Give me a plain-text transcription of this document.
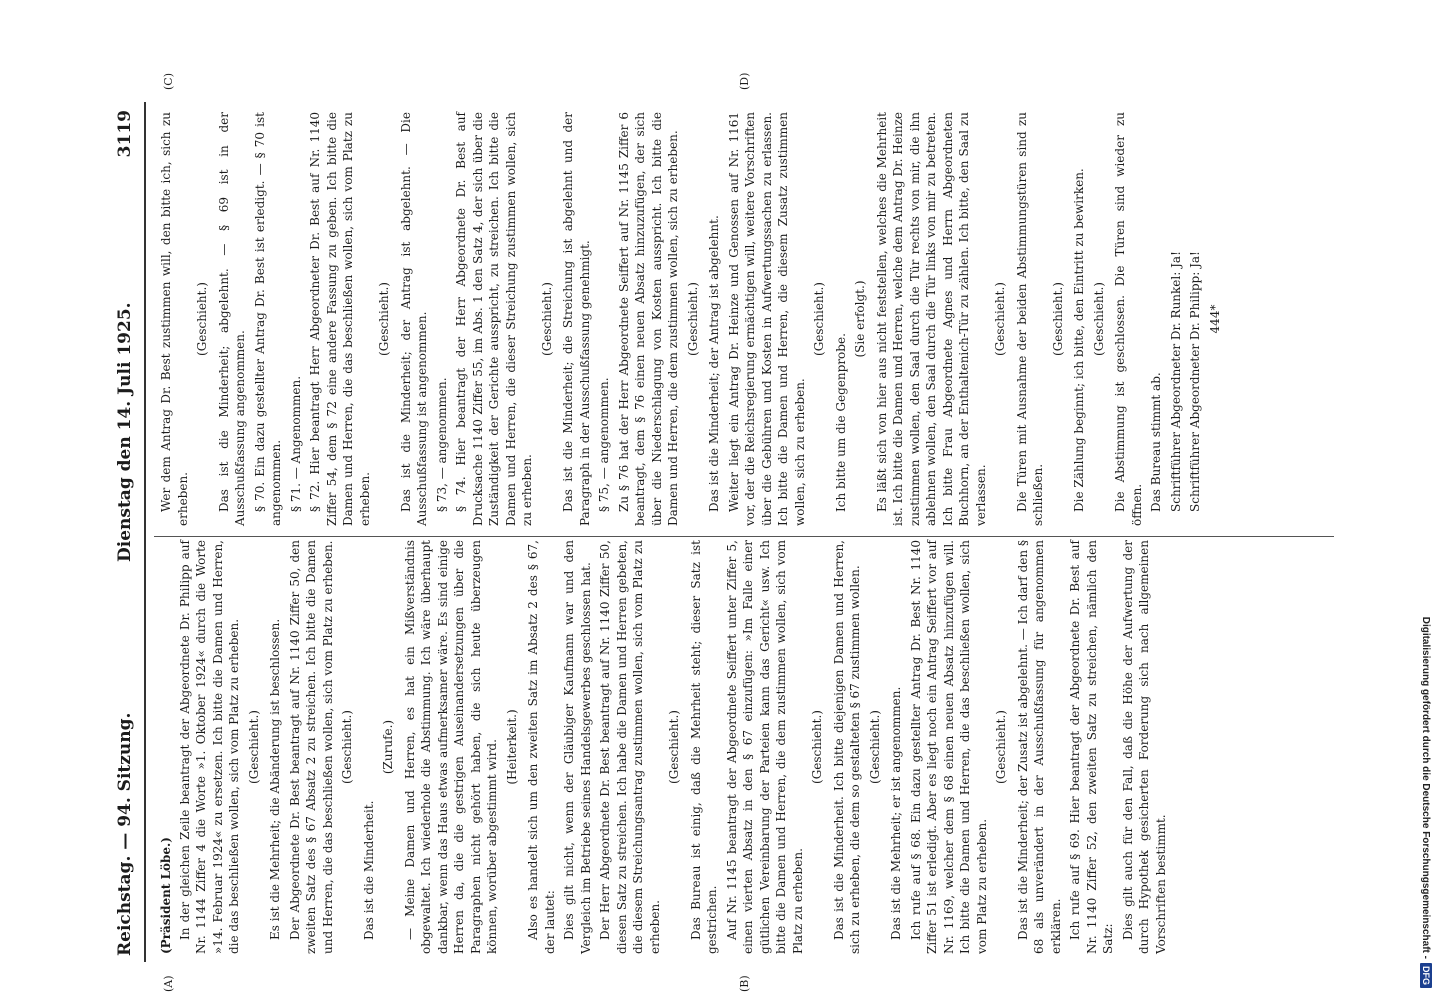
Reichstag. — 94. Sitzung.
Dienstag den 14. Juli 1925.
3119
(A)	(B)
(C)	(D)

(Präsident Löbe.) In der gleichen Zeile beantragt der Abgeordnete Dr. Philipp auf Nr. 1144 Ziffer 4 die Worte »1. Oktober 1924« durch die Worte »14. Februar 1924« zu ersetzen. Ich bitte die Damen und Herren, die das beschließen wollen, sich vom Platz zu erheben. (Geschieht.) Es ist die Mehrheit; die Abänderung ist beschlossen. Der Abgeordnete Dr. Best beantragt auf Nr. 1140 Ziffer 50, den zweiten Satz des § 67 Absatz 2 zu streichen. Ich bitte die Damen und Herren, die das beschließen wollen, sich vom Platz zu erheben. (Geschieht.)

Das ist die Minderheit.

(Zurufe.) — Meine Damen und Herren, es hat ein Mißverständnis obgewaltet. Ich wiederhole die Abstimmung. Ich wäre überhaupt dankbar, wenn das Haus etwas aufmerksamer wäre. Es sind einige Herren da, die die gestrigen Auseinandersetzungen über die Paragraphen nicht gehört haben, die sich heute überzeugen können, worüber abgestimmt wird. (Heiterkeit.) Also es handelt sich um den zweiten Satz im Absatz 2 des § 67, der lautet: Dies gilt nicht, wenn der Gläubiger Kaufmann war und den Vergleich im Betriebe seines Handelsgewerbes geschlossen hat. Der Herr Abgeordnete Dr. Best beantragt auf Nr. 1140 Ziffer 50, diesen Satz zu streichen. Ich habe die Damen und Herren gebeten, die diesem Streichungsantrag zustimmen wollen, sich vom Platz zu erheben.

(Geschieht.) Das Bureau ist einig, daß die Mehrheit steht; dieser Satz ist gestrichen. Auf Nr. 1145 beantragt der Abgeordnete Seiffert unter Ziffer 5, einen vierten Absatz in den § 67 einzufügen: »Im Falle einer gütlichen Vereinbarung der Parteien kann das Gericht« usw. Ich bitte die Damen und Herren, die dem zustimmen wollen, sich vom Platz zu erheben.

(Geschieht.) Das ist die Minderheit. Ich bitte diejenigen Damen und Herren, sich zu erheben, die dem so gestalteten § 67 zustimmen wollen. (Geschieht.) Das ist die Mehrheit; er ist angenommen. Ich rufe auf § 68. Ein dazu gestellter Antrag Dr. Best Nr. 1140 Ziffer 51 ist erledigt. Aber es liegt noch ein Antrag Seiffert vor auf Nr. 1169, welcher dem § 68 einen neuen Absatz hinzufügen will. Ich bitte die Damen und Herren, die das beschließen wollen, sich vom Platz zu erheben.

(Geschieht.) Das ist die Minderheit; der Zusatz ist abgelehnt. — Ich darf den § 68 als unverändert in der Ausschußfassung für angenommen erklären. Ich rufe auf § 69. Hier beantragt der Abgeordnete Dr. Best auf Nr. 1140 Ziffer 52, den zweiten Satz zu streichen, nämlich den Satz: Dies gilt auch für den Fall, daß die Höhe der Aufwertung der durch Hypothek gesicherten Forderung sich nach allgemeinen Vorschriften bestimmt.

Wer dem Antrag Dr. Best zustimmen will, den bitte ich, sich zu erheben.

(Geschieht.) Das ist die Minderheit; abgelehnt. — § 69 ist in der Ausschußfassung angenommen. § 70. Ein dazu gestellter Antrag Dr. Best ist erledigt. — § 70 ist angenommen. § 71. — Angenommen. § 72. Hier beantragt Herr Abgeordneter Dr. Best auf Nr. 1140 Ziffer 54, dem § 72 eine andere Fassung zu geben. Ich bitte die Damen und Herren, die das beschließen wollen, sich vom Platz zu erheben.

(Geschieht.) Das ist die Minderheit; der Antrag ist abgelehnt. — Die Ausschußfassung ist angenommen. § 73, — angenommen. § 74. Hier beantragt der Herr Abgeordnete Dr. Best auf Drucksache 1140 Ziffer 55, im Abs. 1 den Satz 4, der sich über die Zuständigkeit der Gerichte ausspricht, zu streichen. Ich bitte die Damen und Herren, die dieser Streichung zustimmen wollen, sich zu erheben.

(Geschieht.) Das ist die Minderheit; die Streichung ist abgelehnt und der Paragraph in der Ausschußfassung genehmigt. § 75, — angenommen. Zu § 76 hat der Herr Abgeordnete Seiffert auf Nr. 1145 Ziffer 6 beantragt, dem § 76 einen neuen Absatz hinzuzufügen, der sich über die Niederschlagung von Kosten ausspricht. Ich bitte die Damen und Herren, die dem zustimmen wollen, sich zu erheben. (Geschieht.) Das ist die Minderheit; der Antrag ist abgelehnt. Weiter liegt ein Antrag Dr. Heinze und Genossen auf Nr. 1161 vor, der die Reichsregierung ermächtigen will, weitere Vorschriften über die Gebühren und Kosten in Aufwertungssachen zu erlassen. Ich bitte die Damen und Herren, die diesem Zusatz zustimmen wollen, sich zu erheben.

(Geschieht.)

Ich bitte um die Gegenprobe.

(Sie erfolgt.) Es läßt sich von hier aus nicht feststellen, welches die Mehrheit ist. Ich bitte die Damen und Herren, welche dem Antrag Dr. Heinze zustimmen wollen, den Saal durch die Tür rechts von mir, die ihn ablehnen wollen, den Saal durch die Tür links von mir zu betreten. Ich bitte Frau Abgeordnete Agnes und Herrn Abgeordneten Buchhorn, an der Enthaltenich-Tür zu zählen. Ich bitte, den Saal zu verlassen.

(Geschieht.) Die Türen mit Ausnahme der beiden Abstimmungstüren sind zu schließen.

(Geschieht.) Die Zählung beginnt; ich bitte, den Eintritt zu bewirken. (Geschieht.) Die Abstimmung ist geschlossen. Die Türen sind wieder zu öffnen. Das Bureau stimmt ab. Schriftführer Abgeordneter Dr. Runkel: Ja! Schriftführer Abgeordneter Dr. Philipp: Ja! 444*

Digitalisierung gefördert durch die Deutsche Forschungsgemeinschaft -
DFG
